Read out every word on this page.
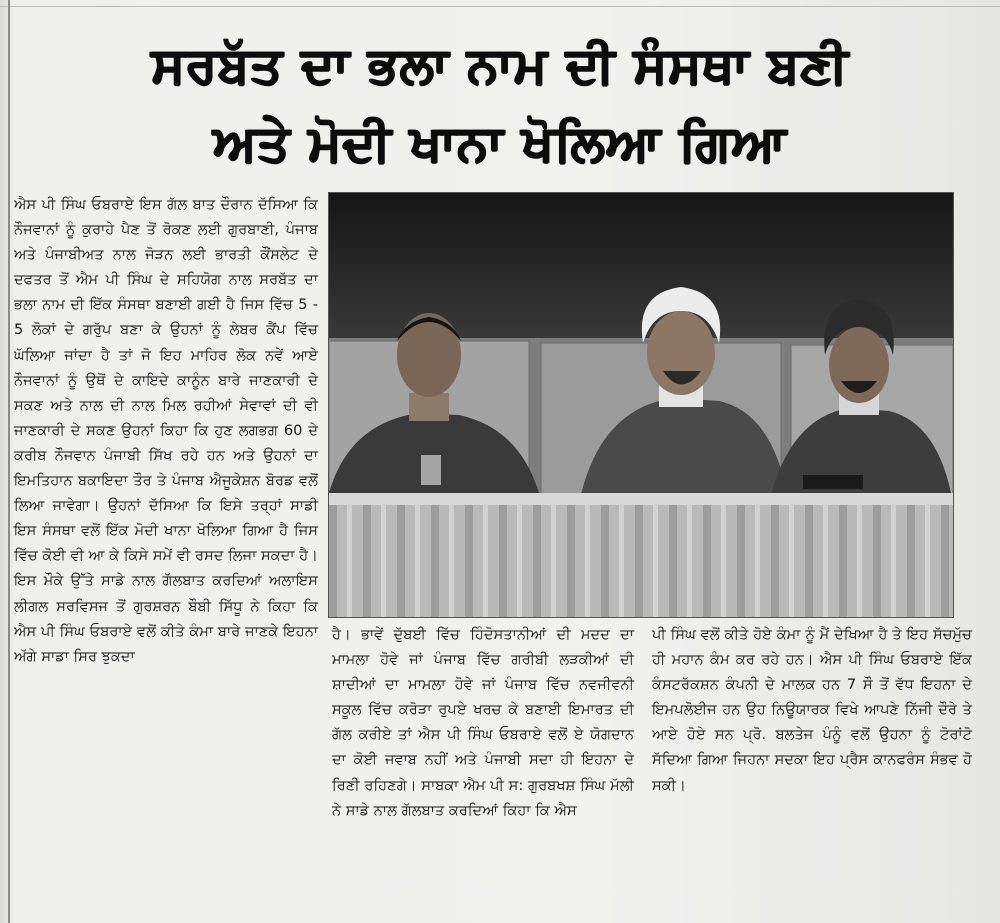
ਸਰਬੱਤ ਦਾ ਭਲਾ ਨਾਮ ਦੀ ਸੰਸਥਾ ਬਣੀ
ਅਤੇ ਮੋਦੀ ਖਾਨਾ ਖੋਲਿਆ ਗਿਆ

ਐਸ ਪੀ ਸਿੰਘ ਓਬਰਾਏ ਇਸ ਗੱਲ ਬਾਤ ਦੌਰਾਨ ਦੱਸਿਆ ਕਿ ਨੌਜਵਾਨਾਂ ਨੂੰ ਕੁਰਾਹੇ ਪੈਣ ਤੋਂ ਰੋਕਣ ਲਈ ਗੁਰਬਾਣੀ, ਪੰਜਾਬ ਅਤੇ ਪੰਜਾਬੀਅਤ ਨਾਲ ਜੋੜਨ ਲਈ ਭਾਰਤੀ ਕੌਂਸਲੇਟ ਦੇ ਦਫਤਰ ਤੋਂ ਐਮ ਪੀ ਸਿੰਘ ਦੇ ਸਹਿਯੋਗ ਨਾਲ ਸਰਬੱਤ ਦਾ ਭਲਾ ਨਾਮ ਦੀ ਇੱਕ ਸੰਸਥਾ ਬਣਾਈ ਗਈ ਹੈ ਜਿਸ ਵਿੱਚ 5 - 5 ਲੋਕਾਂ ਦੇ ਗਰੁੱਪ ਬਣਾ ਕੇ ਉਹਨਾਂ ਨੂੰ ਲੇਬਰ ਕੈਂਪ ਵਿੱਚ ਘੱਲਿਆ ਜਾਂਦਾ ਹੈ ਤਾਂ ਜੋ ਇਹ ਮਾਹਿਰ ਲੋਕ ਨਵੇਂ ਆਏ ਨੌਜਵਾਨਾਂ ਨੂੰ ਉਥੋਂ ਦੇ ਕਾਇਦੇ ਕਾਨੂੰਨ ਬਾਰੇ ਜਾਣਕਾਰੀ ਦੇ ਸਕਣ ਅਤੇ ਨਾਲ ਦੀ ਨਾਲ ਮਿਲ ਰਹੀਆਂ ਸੇਵਾਵਾਂ ਦੀ ਵੀ ਜਾਣਕਾਰੀ ਦੇ ਸਕਣ ਉਹਨਾਂ ਕਿਹਾ ਕਿ ਹੁਣ ਲਗਭਗ 60 ਦੇ ਕਰੀਬ ਨੌਜਵਾਨ ਪੰਜਾਬੀ ਸਿੱਖ ਰਹੇ ਹਨ ਅਤੇ ਉਹਨਾਂ ਦਾ ਇਮਤਿਹਾਨ ਬਕਾਇਦਾ ਤੌਰ ਤੇ ਪੰਜਾਬ ਐਜੂਕੇਸ਼ਨ ਬੋਰਡ ਵਲੋਂ ਲਿਆ ਜਾਵੇਗਾ। ਉਹਨਾਂ ਦੱਸਿਆ ਕਿ ਇਸੇ ਤਰ੍ਹਾਂ ਸਾਡੀ ਇਸ ਸੰਸਥਾ ਵਲੋਂ ਇੱਕ ਮੋਦੀ ਖਾਨਾ ਖੋਲਿਆ ਗਿਆ ਹੈ ਜਿਸ ਵਿੱਚ ਕੋਈ ਵੀ ਆ ਕੇ ਕਿਸੇ ਸਮੇਂ ਵੀ ਰਸਦ ਲਿਜਾ ਸਕਦਾ ਹੈ। ਇਸ ਮੌਕੇ ਉੱਤੇ ਸਾਡੇ ਨਾਲ ਗੱਲਬਾਤ ਕਰਦਿਆਂ ਅਲਾਇਸ ਲੀਗਲ ਸਰਵਿਸਜ ਤੋਂ ਗੁਰਸ਼ਰਨ ਬੌਬੀ ਸਿੱਧੂ ਨੇ ਕਿਹਾ ਕਿ ਐਸ ਪੀ ਸਿੰਘ ਓਬਰਾਏ ਵਲੋਂ ਕੀਤੇ ਕੰਮਾ ਬਾਰੇ ਜਾਣਕੇ ਇਹਨਾ ਅੱਗੇ ਸਾਡਾ ਸਿਰ ਝੁਕਦਾ

ਹੈ। ਭਾਵੇਂ ਦੁੱਬਈ ਵਿੱਚ ਹਿੰਦੋਸਤਾਨੀਆਂ ਦੀ ਮਦਦ ਦਾ ਮਾਮਲਾ ਹੋਵੇ ਜਾਂ ਪੰਜਾਬ ਵਿੱਚ ਗਰੀਬੀ ਲੜਕੀਆਂ ਦੀ ਸ਼ਾਦੀਆਂ ਦਾ ਮਾਮਲਾ ਹੋਵੇ ਜਾਂ ਪੰਜਾਬ ਵਿੱਚ ਨਵਜੀਵਨੀ ਸਕੂਲ ਵਿੱਚ ਕਰੋੜਾ ਰੁਪਏ ਖਰਚ ਕੇ ਬਣਾਈ ਇਮਾਰਤ ਦੀ ਗੱਲ ਕਰੀਏ ਤਾਂ ਐਸ ਪੀ ਸਿੰਘ ਓਬਰਾਏ ਵਲੋਂ ਏ ਯੋਗਦਾਨ ਦਾ ਕੋਈ ਜਵਾਬ ਨਹੀਂ ਅਤੇ ਪੰਜਾਬੀ ਸਦਾ ਹੀ ਇਹਨਾ ਦੇ ਰਿਣੀ ਰਹਿਣਗੇ। ਸਾਬਕਾ ਐਮ ਪੀ ਸ: ਗੁਰਬਖਸ਼ ਸਿੰਘ ਮੱਲੀ ਨੇ ਸਾਡੇ ਨਾਲ ਗੱਲਬਾਤ ਕਰਦਿਆਂ ਕਿਹਾ ਕਿ ਐਸ

ਪੀ ਸਿੰਘ ਵਲੋਂ ਕੀਤੇ ਹੋਏ ਕੰਮਾ ਨੂੰ ਮੈਂ ਦੇਖਿਆ ਹੈ ਤੇ ਇਹ ਸੱਚਮੁੱਚ ਹੀ ਮਹਾਨ ਕੰਮ ਕਰ ਰਹੇ ਹਨ। ਐਸ ਪੀ ਸਿੰਘ ਓਬਰਾਏ ਇੱਕ ਕੰਸਟਰੱਕਸ਼ਨ ਕੰਪਨੀ ਦੇ ਮਾਲਕ ਹਨ 7 ਸੌ ਤੋਂ ਵੱਧ ਇਹਨਾ ਦੇ ਇਮਪਲੋਈਜ ਹਨ ਉਹ ਨਿਊਯਾਰਕ ਵਿਖੇ ਆਪਣੇ ਨਿੱਜੀ ਦੌਰੇ ਤੇ ਆਏ ਹੋਏ ਸਨ ਪ੍ਰੋ. ਬਲਤੇਜ ਪੰਨੂੰ ਵਲੋਂ ਉਹਨਾ ਨੂੰ ਟੋਰਾਂਟੋ ਸੱਦਿਆ ਗਿਆ ਜਿਹਨਾ ਸਦਕਾ ਇਹ ਪ੍ਰੈਸ ਕਾਨਫਰੰਸ ਸੰਭਵ ਹੋ ਸਕੀ।
